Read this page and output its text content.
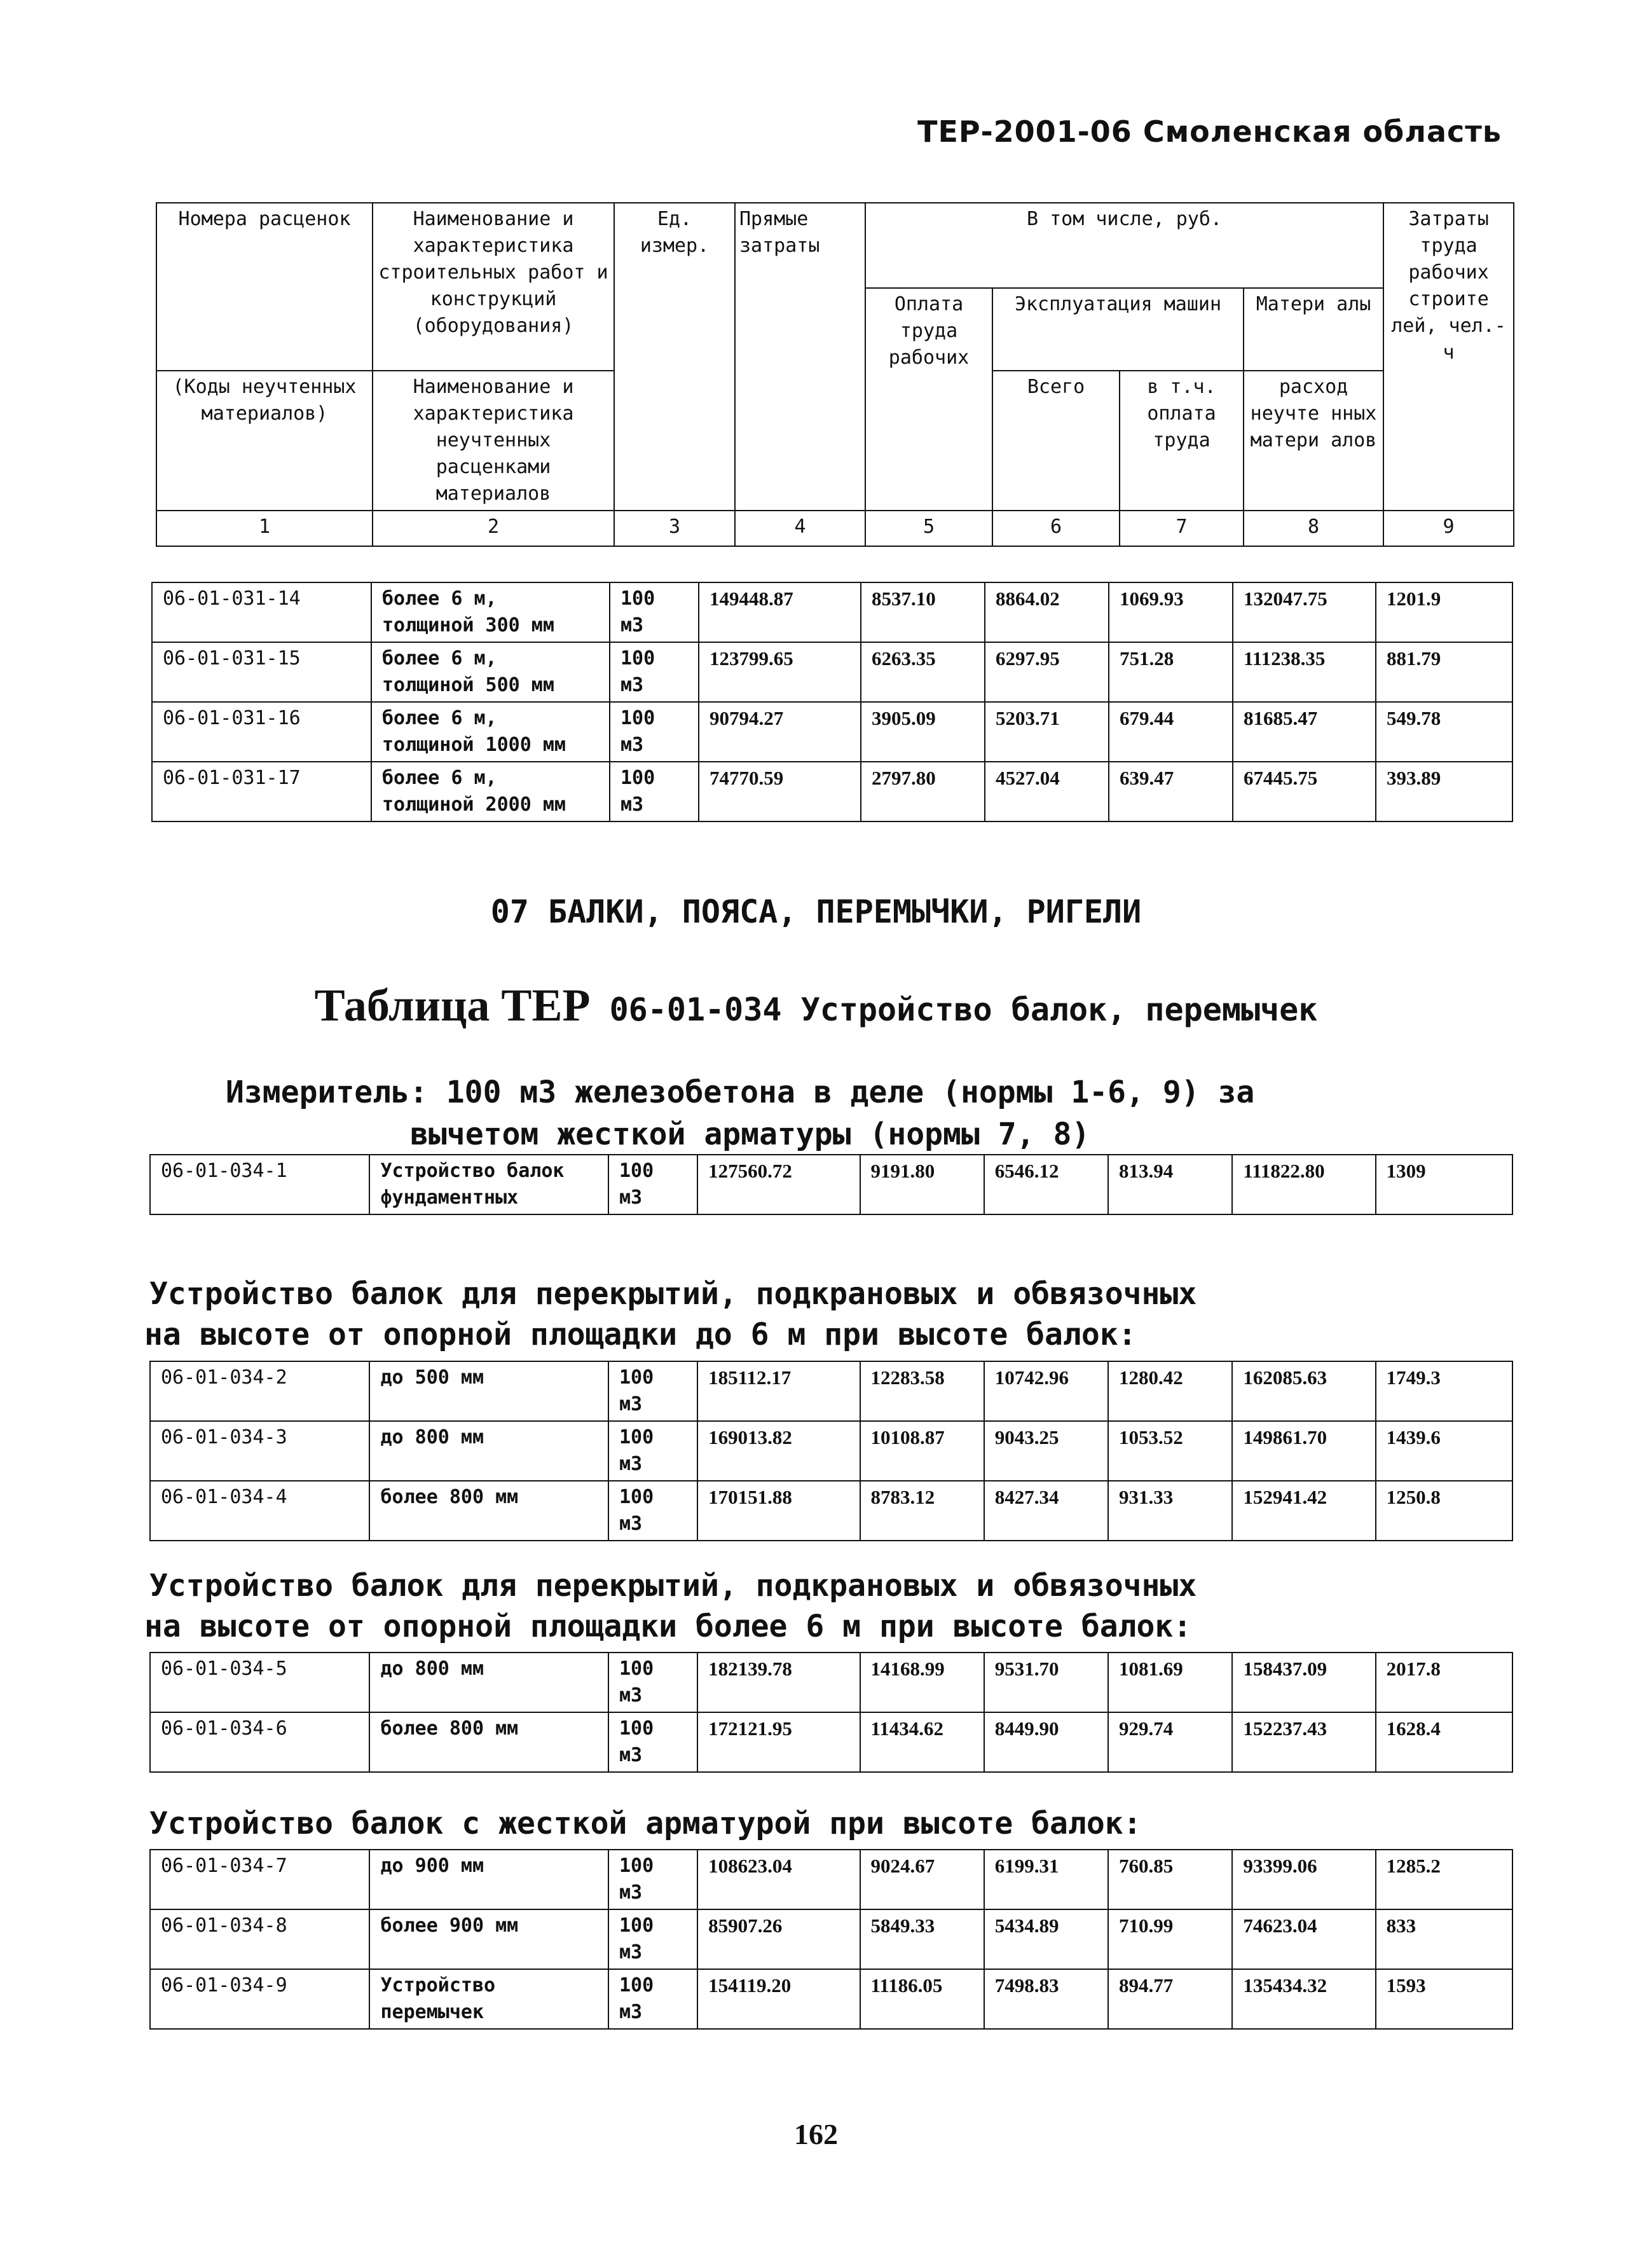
ТЕР-2001-06 Смоленская область
Номера расценок	Наименование и характеристика строительных работ и конструкций (оборудования)	Ед. измер.	Прямые затраты	В том числе, руб.				Затраты труда рабочих строите лей, чел.-ч
				Оплата труда рабочих	Эксплуатация машин		Матери алы	
(Коды неучтенных материалов)	Наименование и характеристика неучтенных расценками материалов				Всего	в т.ч. оплата труда	расход неучте нных матери алов	

1	2	3	4	5	6	7	8	9
06-01-031-14	более 6 м, толщиной 300 мм	100 м3	149448.87	8537.10	8864.02	1069.93	132047.75	1201.9
06-01-031-15	более 6 м, толщиной 500 мм	100 м3	123799.65	6263.35	6297.95	751.28	111238.35	881.79
06-01-031-16	более 6 м, толщиной 1000 мм	100 м3	90794.27	3905.09	5203.71	679.44	81685.47	549.78
06-01-031-17	более 6 м, толщиной 2000 мм	100 м3	74770.59	2797.80	4527.04	639.47	67445.75	393.89
07 БАЛКИ, ПОЯСА, ПЕРЕМЫЧКИ, РИГЕЛИ
Таблица ТЕР 06-01-034 Устройство балок, перемычек
Измеритель: 100 м3 железобетона в деле (нормы 1-6, 9) за
вычетом жесткой арматуры (нормы 7, 8)
06-01-034-1	Устройство балок фундаментных	100 м3	127560.72	9191.80	6546.12	813.94	111822.80	1309
Устройство балок для перекрытий, подкрановых и обвязочных
на высоте от опорной площадки до 6 м при высоте балок:
06-01-034-2	до 500 мм	100 м3	185112.17	12283.58	10742.96	1280.42	162085.63	1749.3
06-01-034-3	до 800 мм	100 м3	169013.82	10108.87	9043.25	1053.52	149861.70	1439.6
06-01-034-4	более 800 мм	100 м3	170151.88	8783.12	8427.34	931.33	152941.42	1250.8
Устройство балок для перекрытий, подкрановых и обвязочных
на высоте от опорной площадки более 6 м при высоте балок:
06-01-034-5	до 800 мм	100 м3	182139.78	14168.99	9531.70	1081.69	158437.09	2017.8
06-01-034-6	более 800 мм	100 м3	172121.95	11434.62	8449.90	929.74	152237.43	1628.4
Устройство балок с жесткой арматурой при высоте балок:
06-01-034-7	до 900 мм	100 м3	108623.04	9024.67	6199.31	760.85	93399.06	1285.2
06-01-034-8	более 900 мм	100 м3	85907.26	5849.33	5434.89	710.99	74623.04	833
06-01-034-9	Устройство перемычек	100 м3	154119.20	11186.05	7498.83	894.77	135434.32	1593
162
